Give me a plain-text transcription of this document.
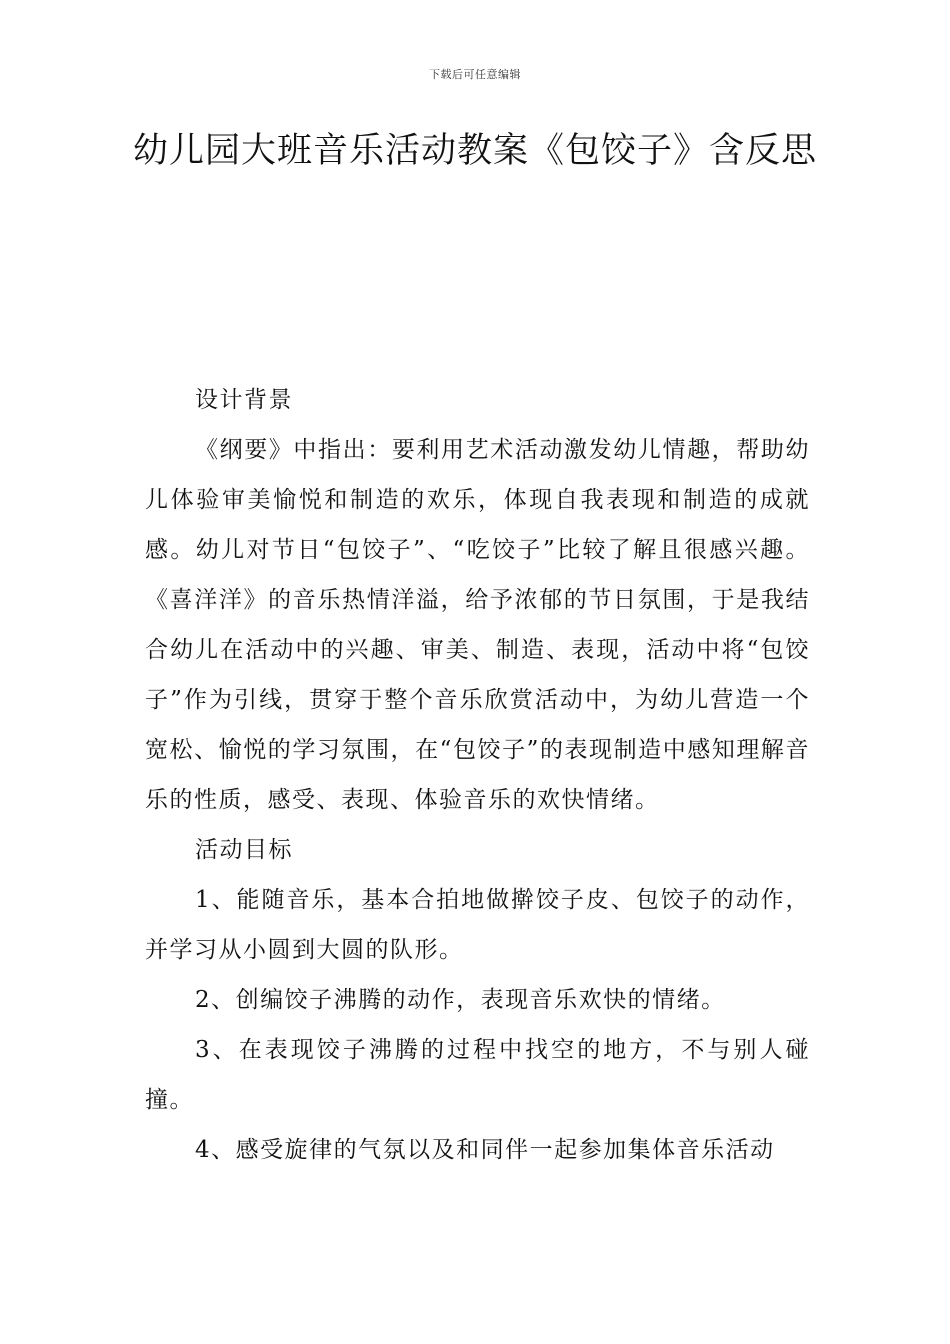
下载后可任意编辑
幼儿园大班音乐活动教案《包饺子》含反思

设计背景

《纲要》中指出：要利用艺术活动激发幼儿情趣，帮助幼儿体验审美愉悦和制造的欢乐，体现自我表现和制造的成就感。幼儿对节日“包饺子”、“吃饺子”比较了解且很感兴趣。《喜洋洋》的音乐热情洋溢，给予浓郁的节日氛围，于是我结合幼儿在活动中的兴趣、审美、制造、表现，活动中将“包饺子”作为引线，贯穿于整个音乐欣赏活动中，为幼儿营造一个宽松、愉悦的学习氛围，在“包饺子”的表现制造中感知理解音乐的性质，感受、表现、体验音乐的欢快情绪。

活动目标

1、能随音乐，基本合拍地做擀饺子皮、包饺子的动作，并学习从小圆到大圆的队形。

2、创编饺子沸腾的动作，表现音乐欢快的情绪。

3、在表现饺子沸腾的过程中找空的地方，不与别人碰撞。

4、感受旋律的气氛以及和同伴一起参加集体音乐活动
